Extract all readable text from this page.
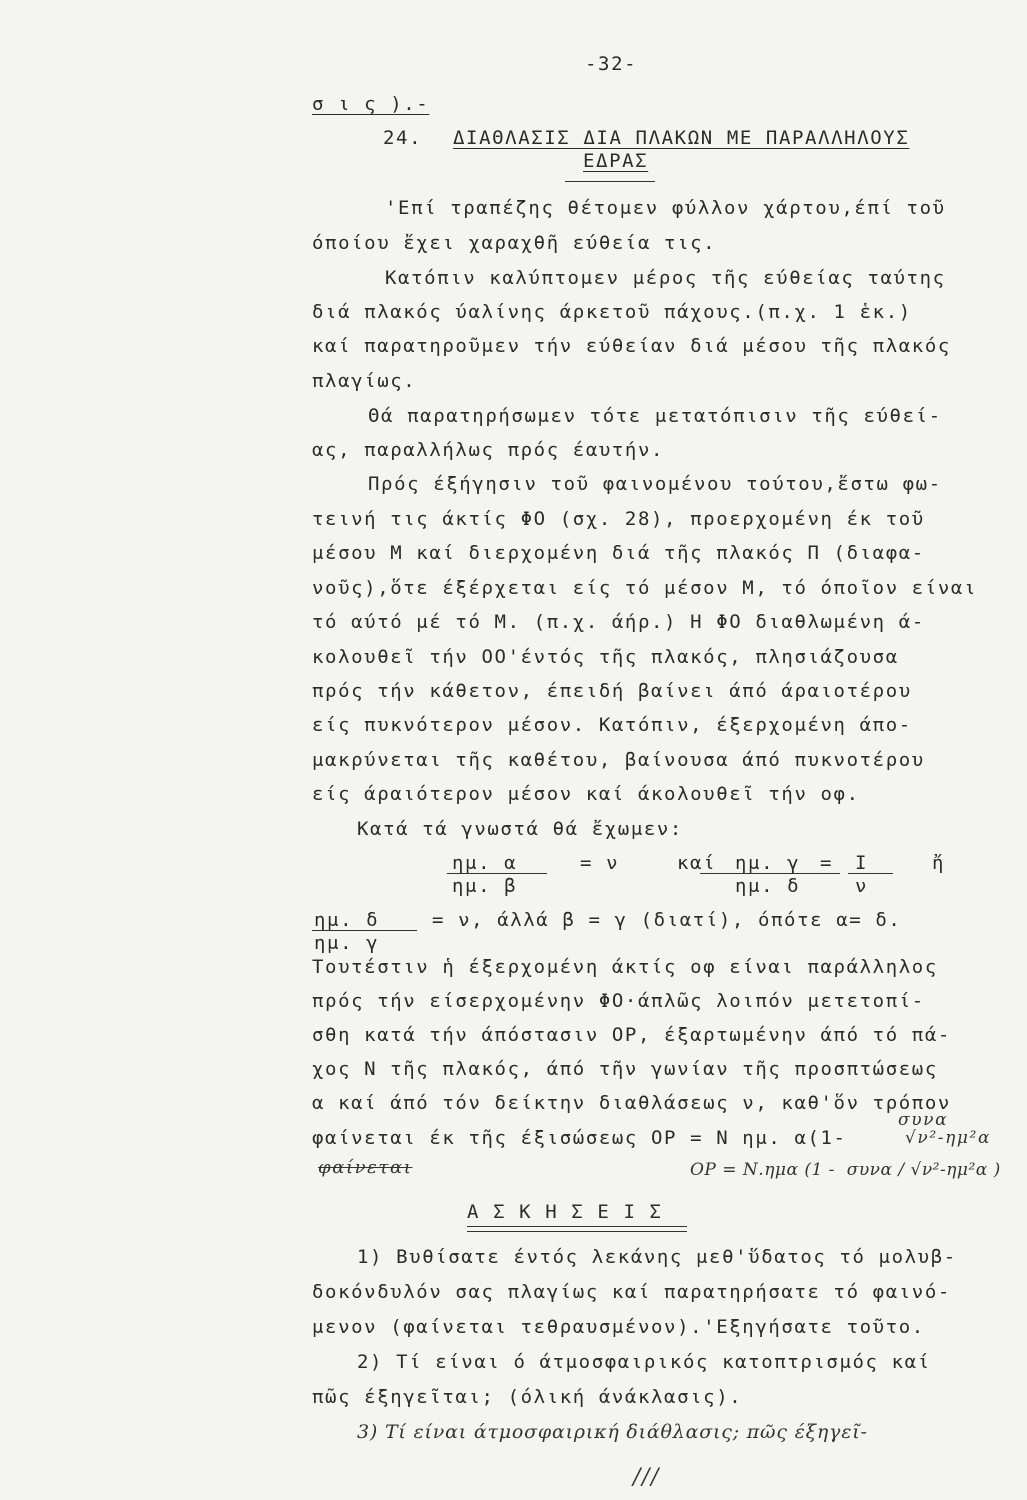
-32-
σ ι ς ).-
24. ΔΙΑΘΛΑΣΙΣ ΔΙΑ ΠΛΑΚΩΝ ΜΕ ΠΑΡΑΛΛΗΛΟΥΣ
ΕΔΡΑΣ
'Επί τραπέζης θέτομεν φύλλον χάρτου,έπί τοῦ
όποίου ἔχει χαραχθῆ εύθεία τις.
Κατόπιν καλύπτομεν μέρος τῆς εύθείας ταύτης
διά πλακός ύαλίνης άρκετοῦ πάχους.(π.χ. 1 ἑκ.)
καί παρατηροῦμεν τήν εύθείαν διά μέσου τῆς πλακός
πλαγίως.
Θά παρατηρήσωμεν τότε μετατόπισιν τῆς εύθεί-
ας, παραλλήλως πρός έαυτήν.
Πρός έξήγησιν τοῦ φαινομένου τούτου,ἔστω φω-
τεινή τις άκτίς ΦΟ (σχ. 28), προερχομένη έκ τοῦ
μέσου Μ καί διερχομένη διά τῆς πλακός Π (διαφα-
νοῦς),ὅτε έξέρχεται είς τό μέσον Μ, τό όποῖον είναι
τό αύτό μέ τό Μ. (π.χ. άήρ.) Η ΦΟ διαθλωμένη ά-
κολουθεῖ τήν ΟΟ'έντός τῆς πλακός, πλησιάζουσα
πρός τήν κάθετον, έπειδή βαίνει άπό άραιοτέρου
είς πυκνότερον μέσον. Κατόπιν, έξερχομένη άπο-
μακρύνεται τῆς καθέτου, βαίνουσα άπό πυκνοτέρου
είς άραιότερον μέσον καί άκολουθεῖ τήν οφ.
Κατά τά γνωστά θά ἔχωμεν:
ημ. α
ημ. β
= ν	καί ημ. γ
ημ. δ
= I
ν
ἤ
ημ. δ
ημ. γ
= ν, άλλά β = γ (διατί), όπότε α= δ.
Τουτέστιν ἡ έξερχομένη άκτίς οφ είναι παράλληλος
πρός τήν είσερχομένην ΦΟ·άπλῶς λοιπόν μετετοπί-
σθη κατά τήν άπόστασιν ΟΡ, έξαρτωμένην άπό τό πά-
χος Ν τῆς πλακός, άπό τῆν γωνίαν τῆς προσπτώσεως
α καί άπό τόν δείκτην διαθλάσεως ν, καθ'ὅν τρόπον
συνα
φαίνεται έκ τῆς έξισώσεως ΟΡ = Ν ημ. α(1-	√ν²-ημ²α
φαίνεται	ΟΡ = Ν.ημα (1 -  συνα / √ν²-ημ²α )
Α Σ Κ Η Σ Ε Ι Σ
1) Βυθίσατε έντός λεκάνης μεθ'ὕδατος τό μολυβ-
δοκόνδυλόν σας πλαγίως καί παρατηρήσατε τό φαινό-
μενον (φαίνεται τεθραυσμένον).'Εξηγήσατε τοῦτο.
2) Τί είναι ό άτμοσφαιρικός κατοπτρισμός καί
πῶς έξηγεῖται; (όλική άνάκλασις).
3) Τί είναι άτμοσφαιρική διάθλασις; πῶς έξηγεῖ-
///
